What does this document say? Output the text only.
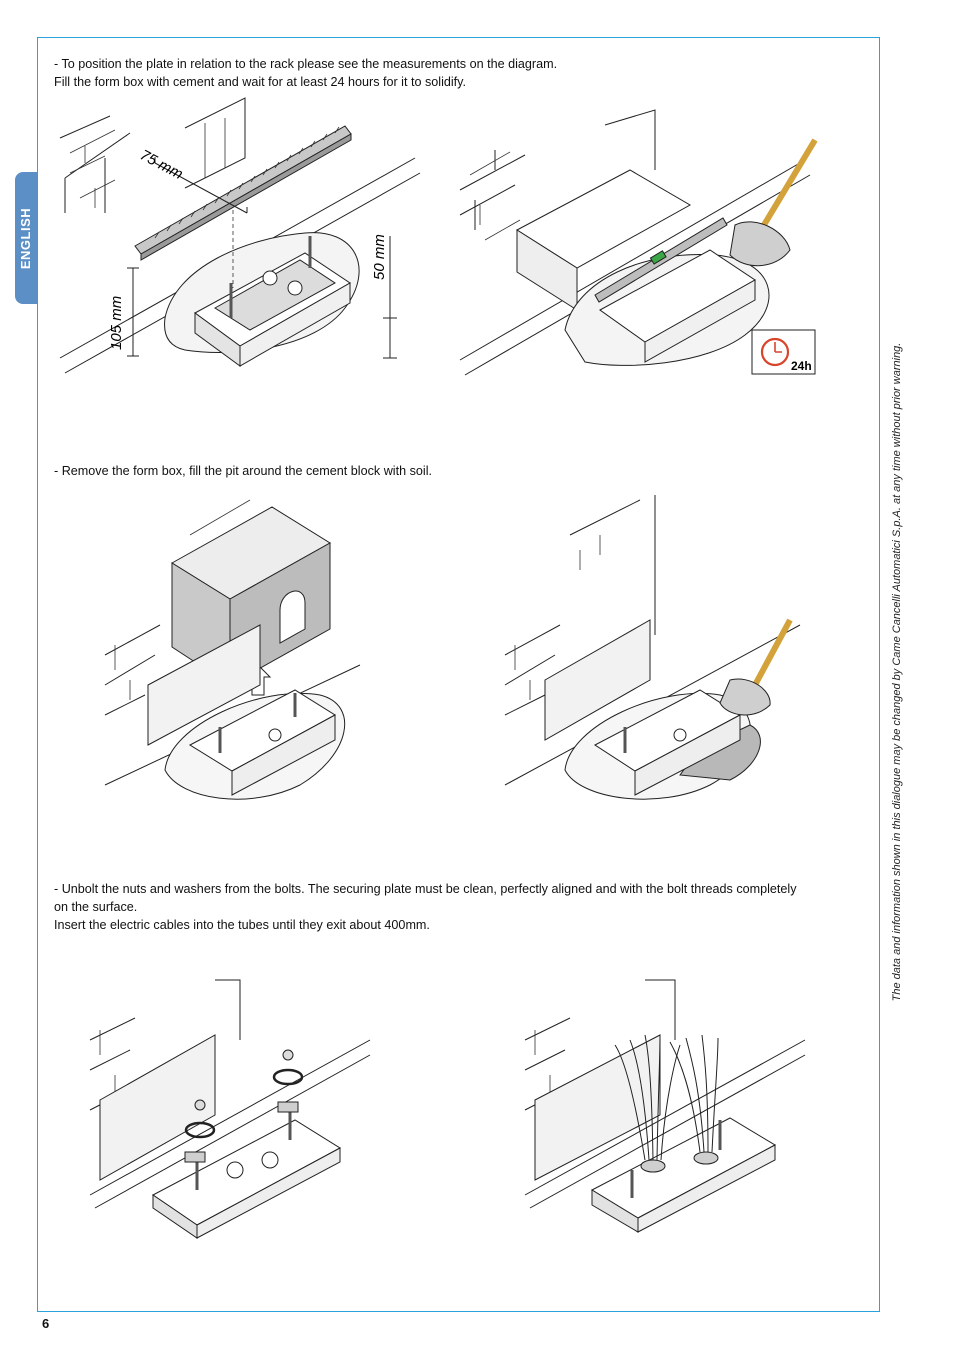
ENGLISH

- To position the plate in relation to the rack please see the measurements on the diagram.
Fill the form box with cement and wait for at least 24 hours for it to solidify.

75 mm
105 mm
50 mm
24h

- Remove the form box, fill the pit around the cement block with soil.

- Unbolt the nuts and washers from the bolts. The securing plate must be clean, perfectly aligned and with the bolt threads completely
on the surface.
Insert the electric cables into the tubes until they exit about 400mm.	The data and information shown in this dialogue may be changed by Came Cancelli Automatici S.p.A. at any time without prior warning.
6
